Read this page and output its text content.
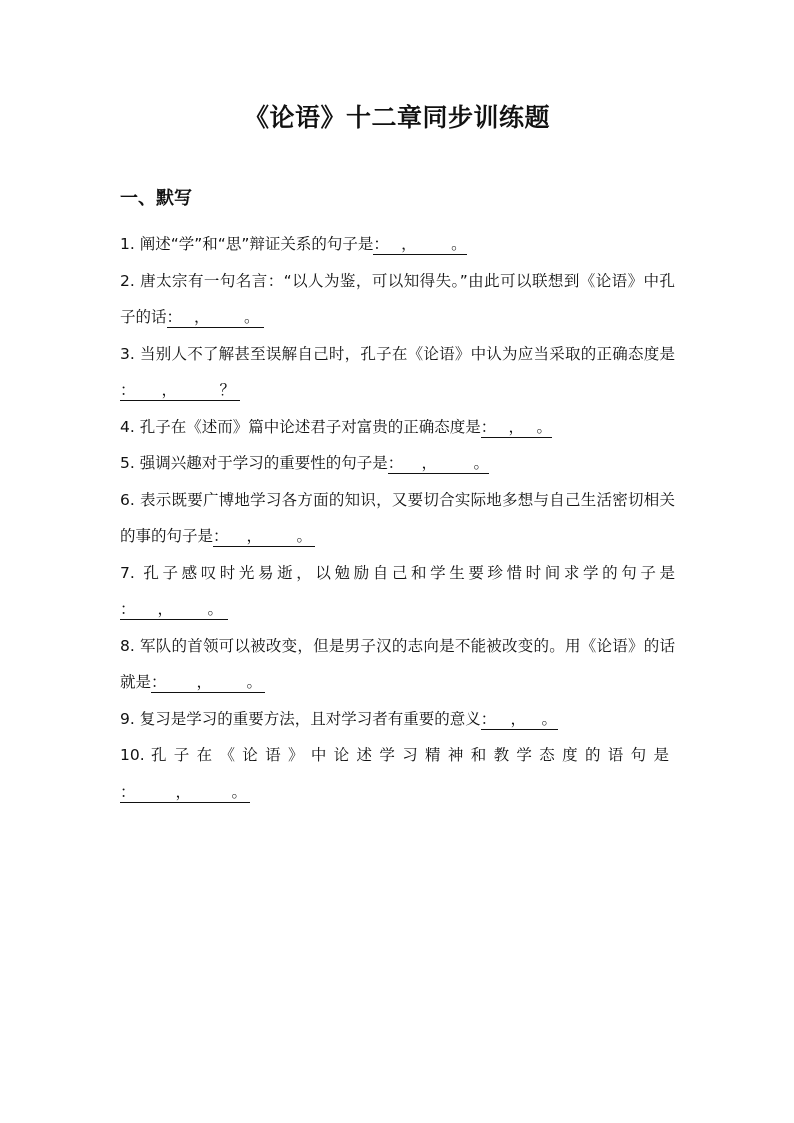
《论语》十二章同步训练题
一、默写

1. 阐述“学”和“思”辩证关系的句子是： ， 。

2. 唐太宗有一句名言：“以人为鉴，可以知得失。”由此可以联想到《论语》中孔子的话： ， 。

3. 当别人不了解甚至误解自己时，孔子在《论语》中认为应当采取的正确态度是： ，	？

4. 孔子在《述而》篇中论述君子对富贵的正确态度是： ， 。

5. 强调兴趣对于学习的重要性的句子是： ， 。

6. 表示既要广博地学习各方面的知识，又要切合实际地多想与自己生活密切相关的事的句子是： ， 。

7. 孔子感叹时光易逝，以勉励自己和学生要珍惜时间求学的句子是： ， 。

8. 军队的首领可以被改变，但是男子汉的志向是不能被改变的。用《论语》的话就是： ， 。

9. 复习是学习的重要方法，且对学习者有重要的意义： ， 。

10. 孔子在《论语》中论述学习精神和教学态度的语句是：	，	。
